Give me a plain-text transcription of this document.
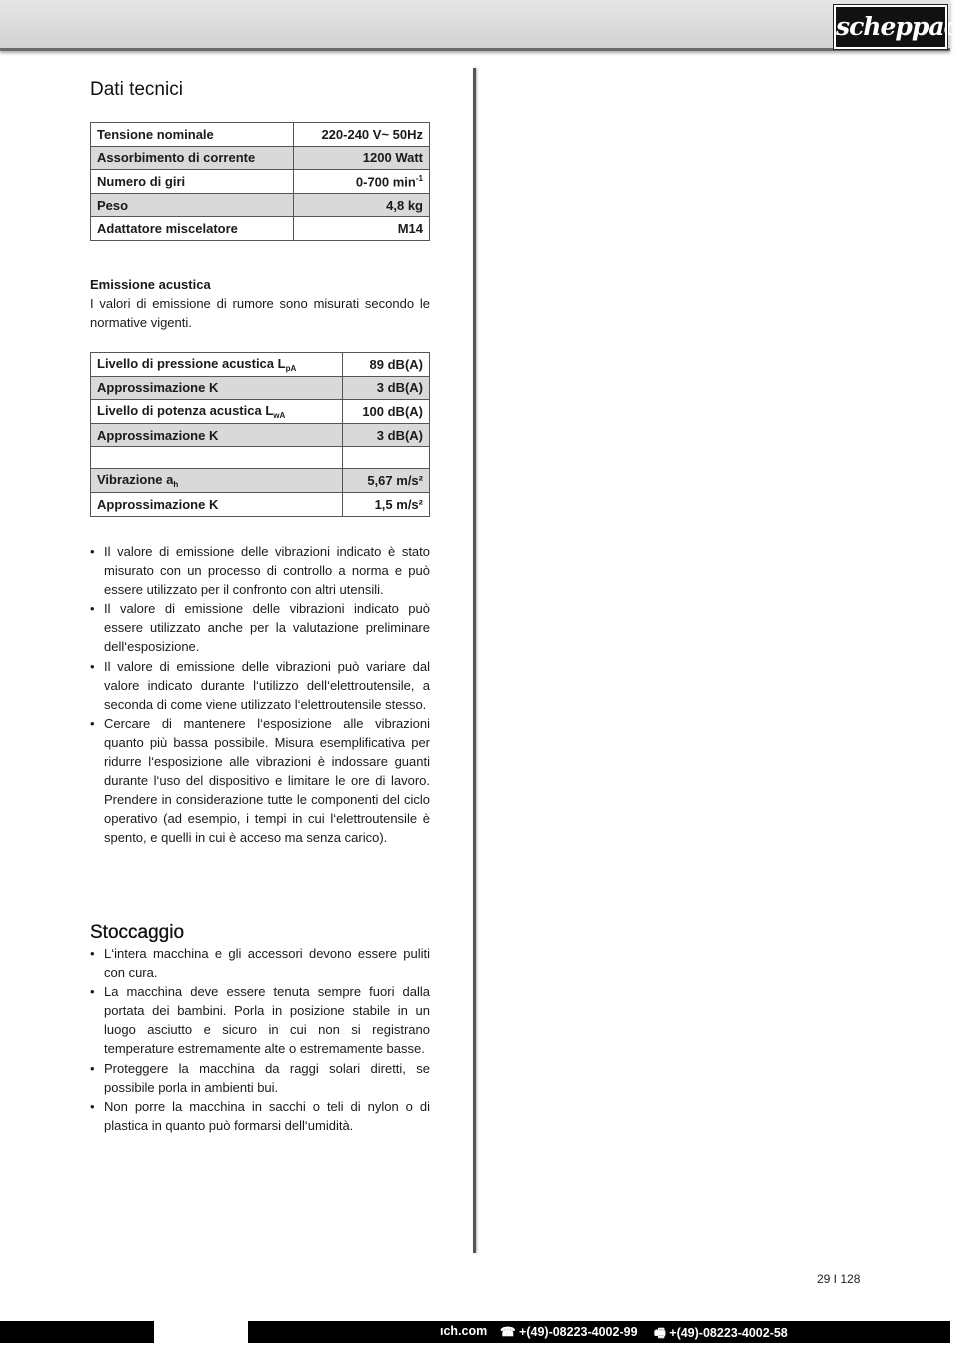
scheppach
Dati tecnici
Tensione nominale	220-240 V~ 50Hz
Assorbimento di corrente	1200 Watt
Numero di giri	0-700 $\min^{-1}$
Peso	4,8 kg
Adattatore miscelatore	M14
Emissione acustica
I valori di emissione di rumore sono misurati secondo le normative vigenti.
Livello di pressione acustica $L_{pA}$	89 dB(A)
Approssimazione K	3 dB(A)
Livello di potenza acustica $L_{wA}$	100 dB(A)
Approssimazione K	3 dB(A)

Vibrazione $a_h$	5,67 m/s²
Approssimazione K	1,5 m/s²
• Il valore di emissione delle vibrazioni indicato è stato misurato con un processo di controllo a norma e può essere utilizzato per il confronto con altri utensili.
• Il valore di emissione delle vibrazioni indicato può essere utilizzato anche per la valutazione preliminare dell‘esposizione.
• Il valore di emissione delle vibrazioni può variare dal valore indicato durante l‘utilizzo dell‘elettroutensile, a seconda di come viene utilizzato l‘elettroutensile stesso.
• Cercare di mantenere l‘esposizione alle vibrazioni quanto più bassa possibile. Misura esemplificativa per ridurre l‘esposizione alle vibrazioni è indossare guanti durante l‘uso del dispositivo e limitare le ore di lavoro. Prendere in considerazione tutte le componenti del ciclo operativo (ad esempio, i tempi in cui l‘elettroutensile è spento, e quelli in cui è acceso ma senza carico).
Stoccaggio
• L‘intera macchina e gli accessori devono essere puliti con cura.
• La macchina deve essere tenuta sempre fuori dalla portata dei bambini. Porla in posizione stabile in un luogo asciutto e sicuro in cui non si registrano temperature estremamente alte o estremamente basse.
• Proteggere la macchina da raggi solari diretti, se possibile porla in ambienti bui.
• Non porre la macchina in sacchi o teli di nylon o di plastica in quanto può formarsi dell‘umidità.
29 I 128
ıch.com ☎ +(49)-08223-4002-99 🖷 +(49)-08223-4002-58
